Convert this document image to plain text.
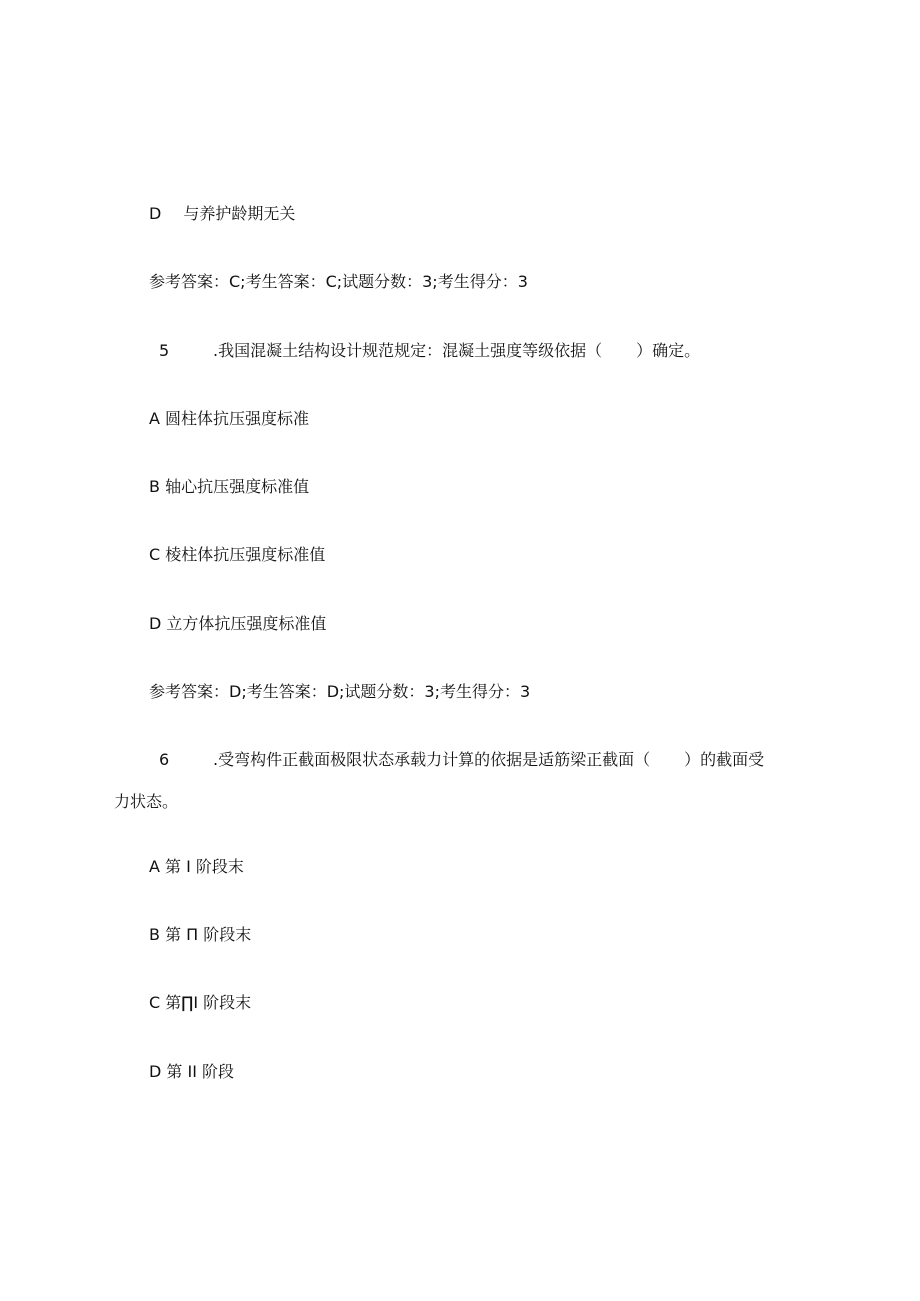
D 与养护龄期无关
参考答案：C;考生答案：C;试题分数：3;考生得分：3
5	.我国混凝土结构设计规范规定：混凝土强度等级依据（ ）确定。
A 圆柱体抗压强度标准
B 轴心抗压强度标准值
C 棱柱体抗压强度标准值
D 立方体抗压强度标准值
参考答案：D;考生答案：D;试题分数：3;考生得分：3
6	.受弯构件正截面极限状态承载力计算的依据是适筋梁正截面（ ）的截面受
力状态。
A 第 I 阶段末
B 第 П 阶段末
C 第∏I 阶段末
D 第 II 阶段
